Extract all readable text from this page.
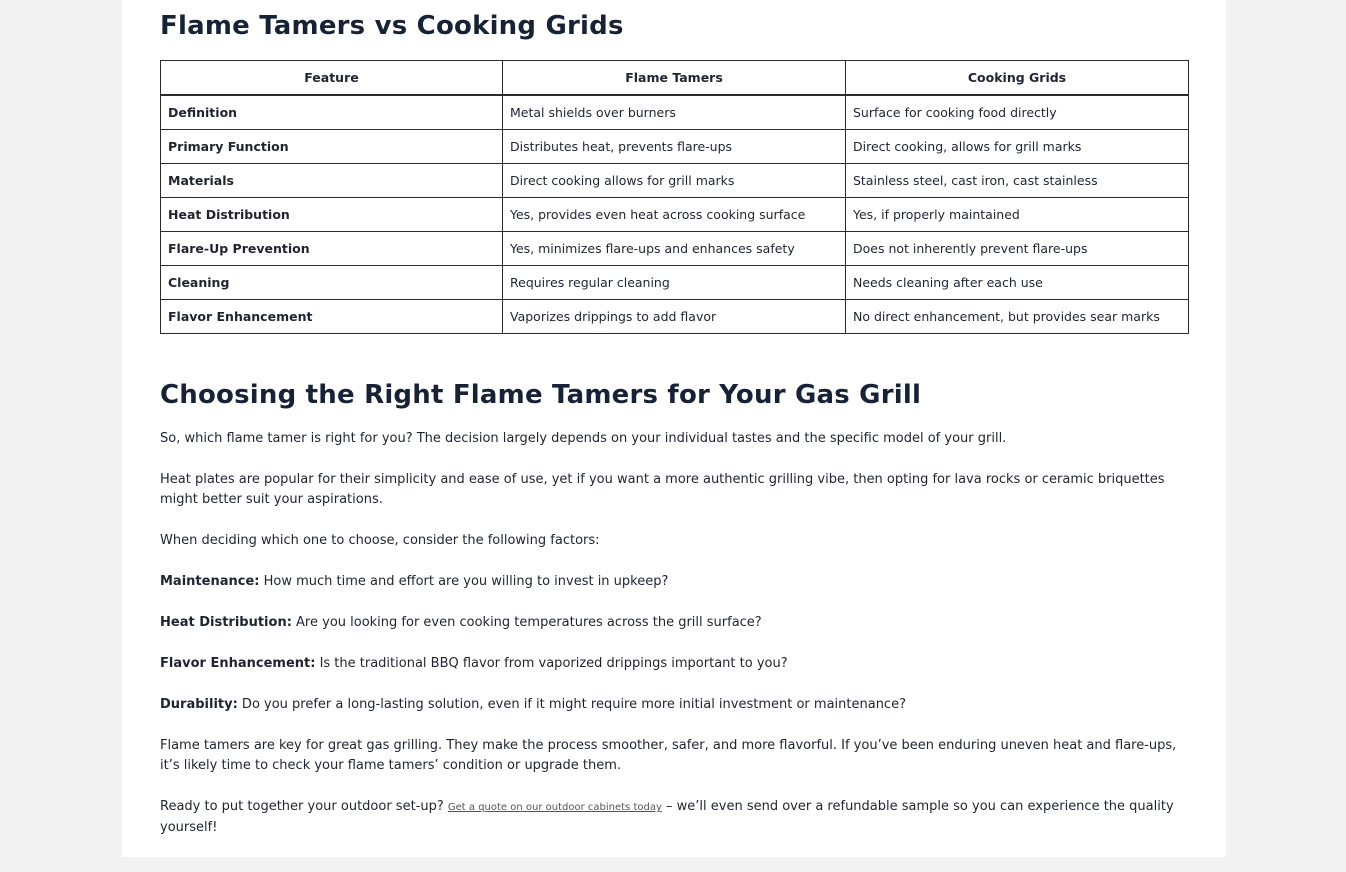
Flame Tamers vs Cooking Grids
Feature	Flame Tamers	Cooking Grids
Definition	Metal shields over burners	Surface for cooking food directly
Primary Function	Distributes heat, prevents flare-ups	Direct cooking, allows for grill marks
Materials	Direct cooking allows for grill marks	Stainless steel, cast iron, cast stainless
Heat Distribution	Yes, provides even heat across cooking surface	Yes, if properly maintained
Flare-Up Prevention	Yes, minimizes flare-ups and enhances safety	Does not inherently prevent flare-ups
Cleaning	Requires regular cleaning	Needs cleaning after each use
Flavor Enhancement	Vaporizes drippings to add flavor	No direct enhancement, but provides sear marks
Choosing the Right Flame Tamers for Your Gas Grill

So, which flame tamer is right for you? The decision largely depends on your individual tastes and the specific model of your grill.

Heat plates are popular for their simplicity and ease of use, yet if you want a more authentic grilling vibe, then opting for lava rocks or ceramic briquettes might better suit your aspirations.

When deciding which one to choose, consider the following factors:

Maintenance: How much time and effort are you willing to invest in upkeep?

Heat Distribution: Are you looking for even cooking temperatures across the grill surface?

Flavor Enhancement: Is the traditional BBQ flavor from vaporized drippings important to you?

Durability: Do you prefer a long-lasting solution, even if it might require more initial investment or maintenance?

Flame tamers are key for great gas grilling. They make the process smoother, safer, and more flavorful. If you’ve been enduring uneven heat and flare-ups, it’s likely time to check your flame tamers’ condition or upgrade them.

Ready to put together your outdoor set-up? Get a quote on our outdoor cabinets today – we’ll even send over a refundable sample so you can experience the quality yourself!
